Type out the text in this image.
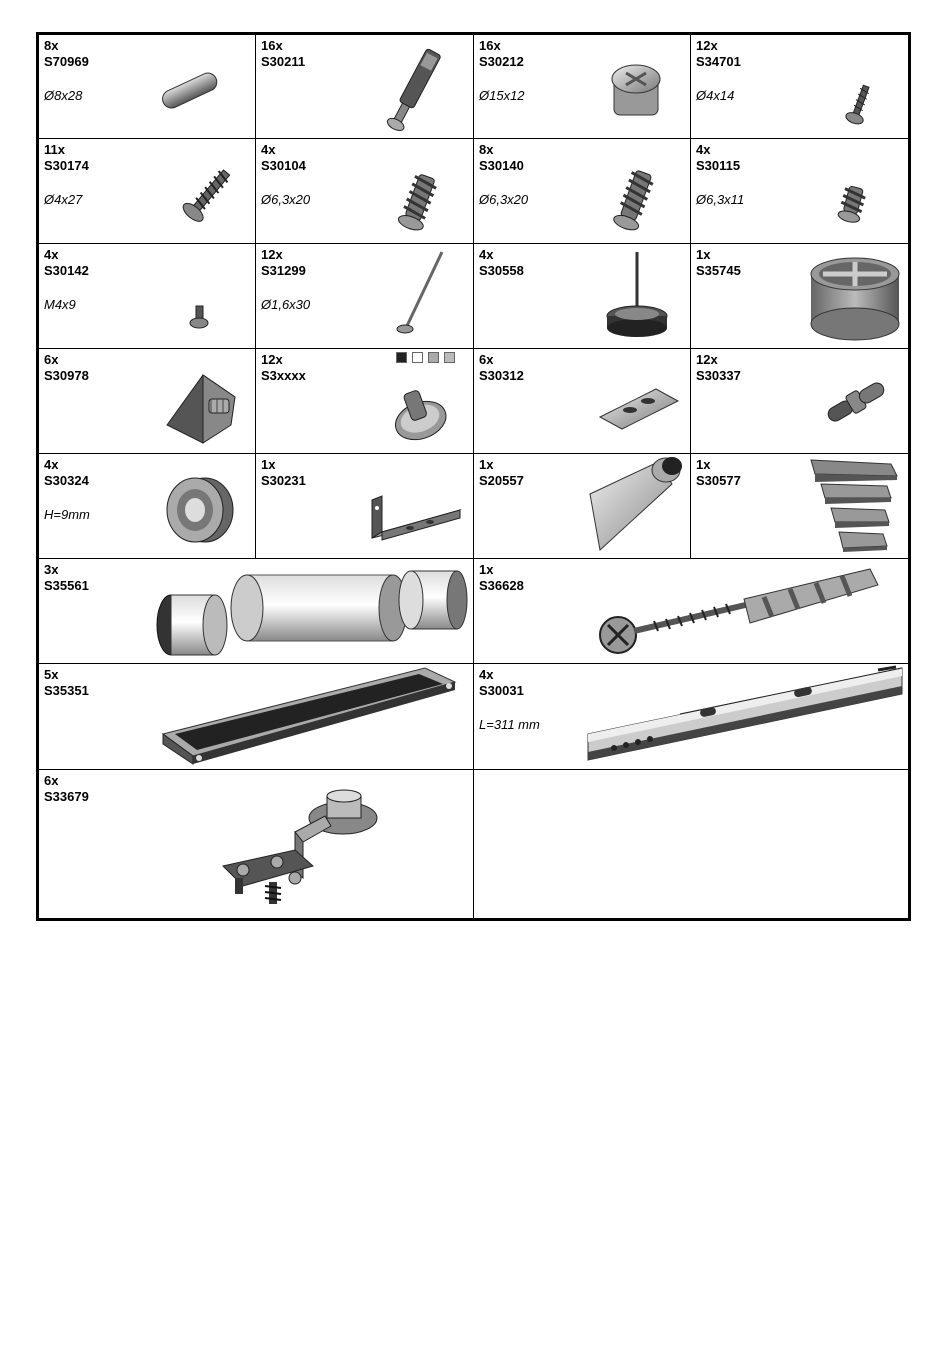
8x
S70969
Ø8x28
16x
S30211
16x
S30212
Ø15x12
12x
S34701
Ø4x14
11x
S30174
Ø4x27
4x
S30104
Ø6,3x20
8x
S30140
Ø6,3x20
4x
S30115
Ø6,3x11
4x
S30142
M4x9
12x
S31299
Ø1,6x30
4x
S30558
1x
S35745
6x
S30978
12x
S3xxxx
6x
S30312
12x
S30337
4x
S30324
H=9mm
1x
S30231
1x
S20557
1x
S30577
3x
S35561
1x
S36628
5x
S35351
4x
S30031
L=311 mm
6x
S33679
